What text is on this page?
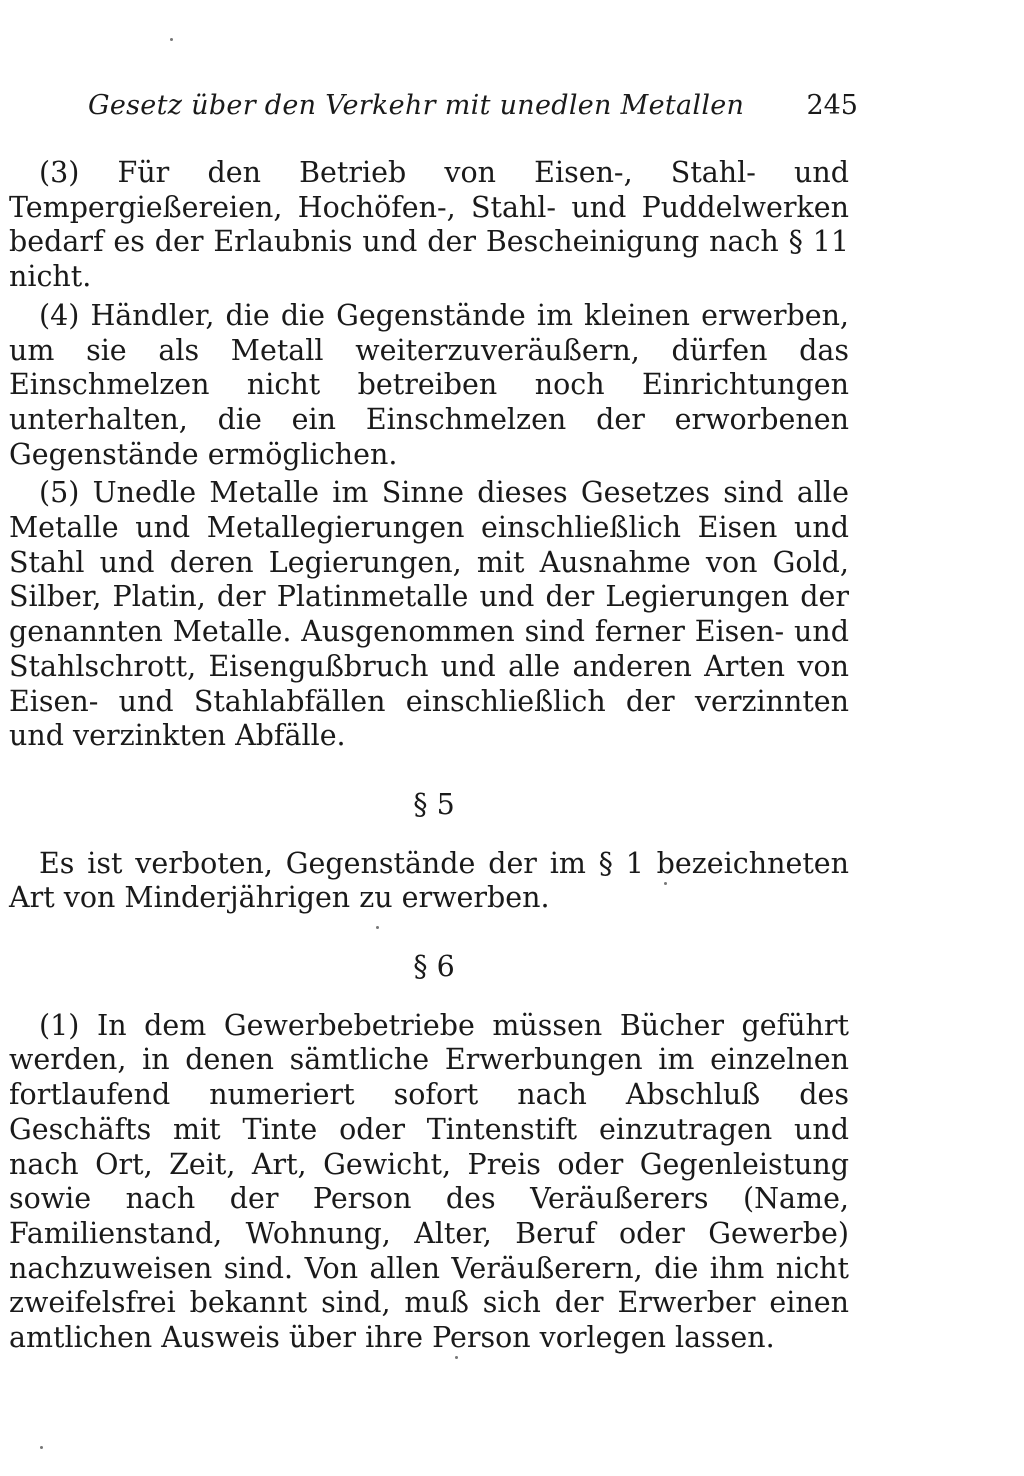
Gesetz über den Verkehr mit unedlen Metallen 245

(3) Für den Betrieb von Eisen-, Stahl- und Tempergießereien, Hochöfen-, Stahl- und Puddelwerken bedarf es der Erlaubnis und der Bescheinigung nach § 11 nicht.

(4) Händler, die die Gegenstände im kleinen erwerben, um sie als Metall weiterzuveräußern, dürfen das Einschmelzen nicht betreiben noch Einrichtungen unterhalten, die ein Einschmelzen der erworbenen Gegenstände ermöglichen.

(5) Unedle Metalle im Sinne dieses Gesetzes sind alle Metalle und Metallegierungen einschließlich Eisen und Stahl und deren Legierungen, mit Ausnahme von Gold, Silber, Platin, der Platinmetalle und der Legierungen der genannten Metalle. Ausgenommen sind ferner Eisen- und Stahlschrott, Eisengußbruch und alle anderen Arten von Eisen- und Stahlabfällen einschließlich der verzinnten und verzinkten Abfälle.

§ 5

Es ist verboten, Gegenstände der im § 1 bezeichneten Art von Minderjährigen zu erwerben.

§ 6

(1) In dem Gewerbebetriebe müssen Bücher geführt werden, in denen sämtliche Erwerbungen im einzelnen fortlaufend numeriert sofort nach Abschluß des Geschäfts mit Tinte oder Tintenstift einzutragen und nach Ort, Zeit, Art, Gewicht, Preis oder Gegenleistung sowie nach der Person des Veräußerers (Name, Familienstand, Wohnung, Alter, Beruf oder Gewerbe) nachzuweisen sind. Von allen Veräußerern, die ihm nicht zweifelsfrei bekannt sind, muß sich der Erwerber einen amtlichen Ausweis über ihre Person vorlegen lassen.
